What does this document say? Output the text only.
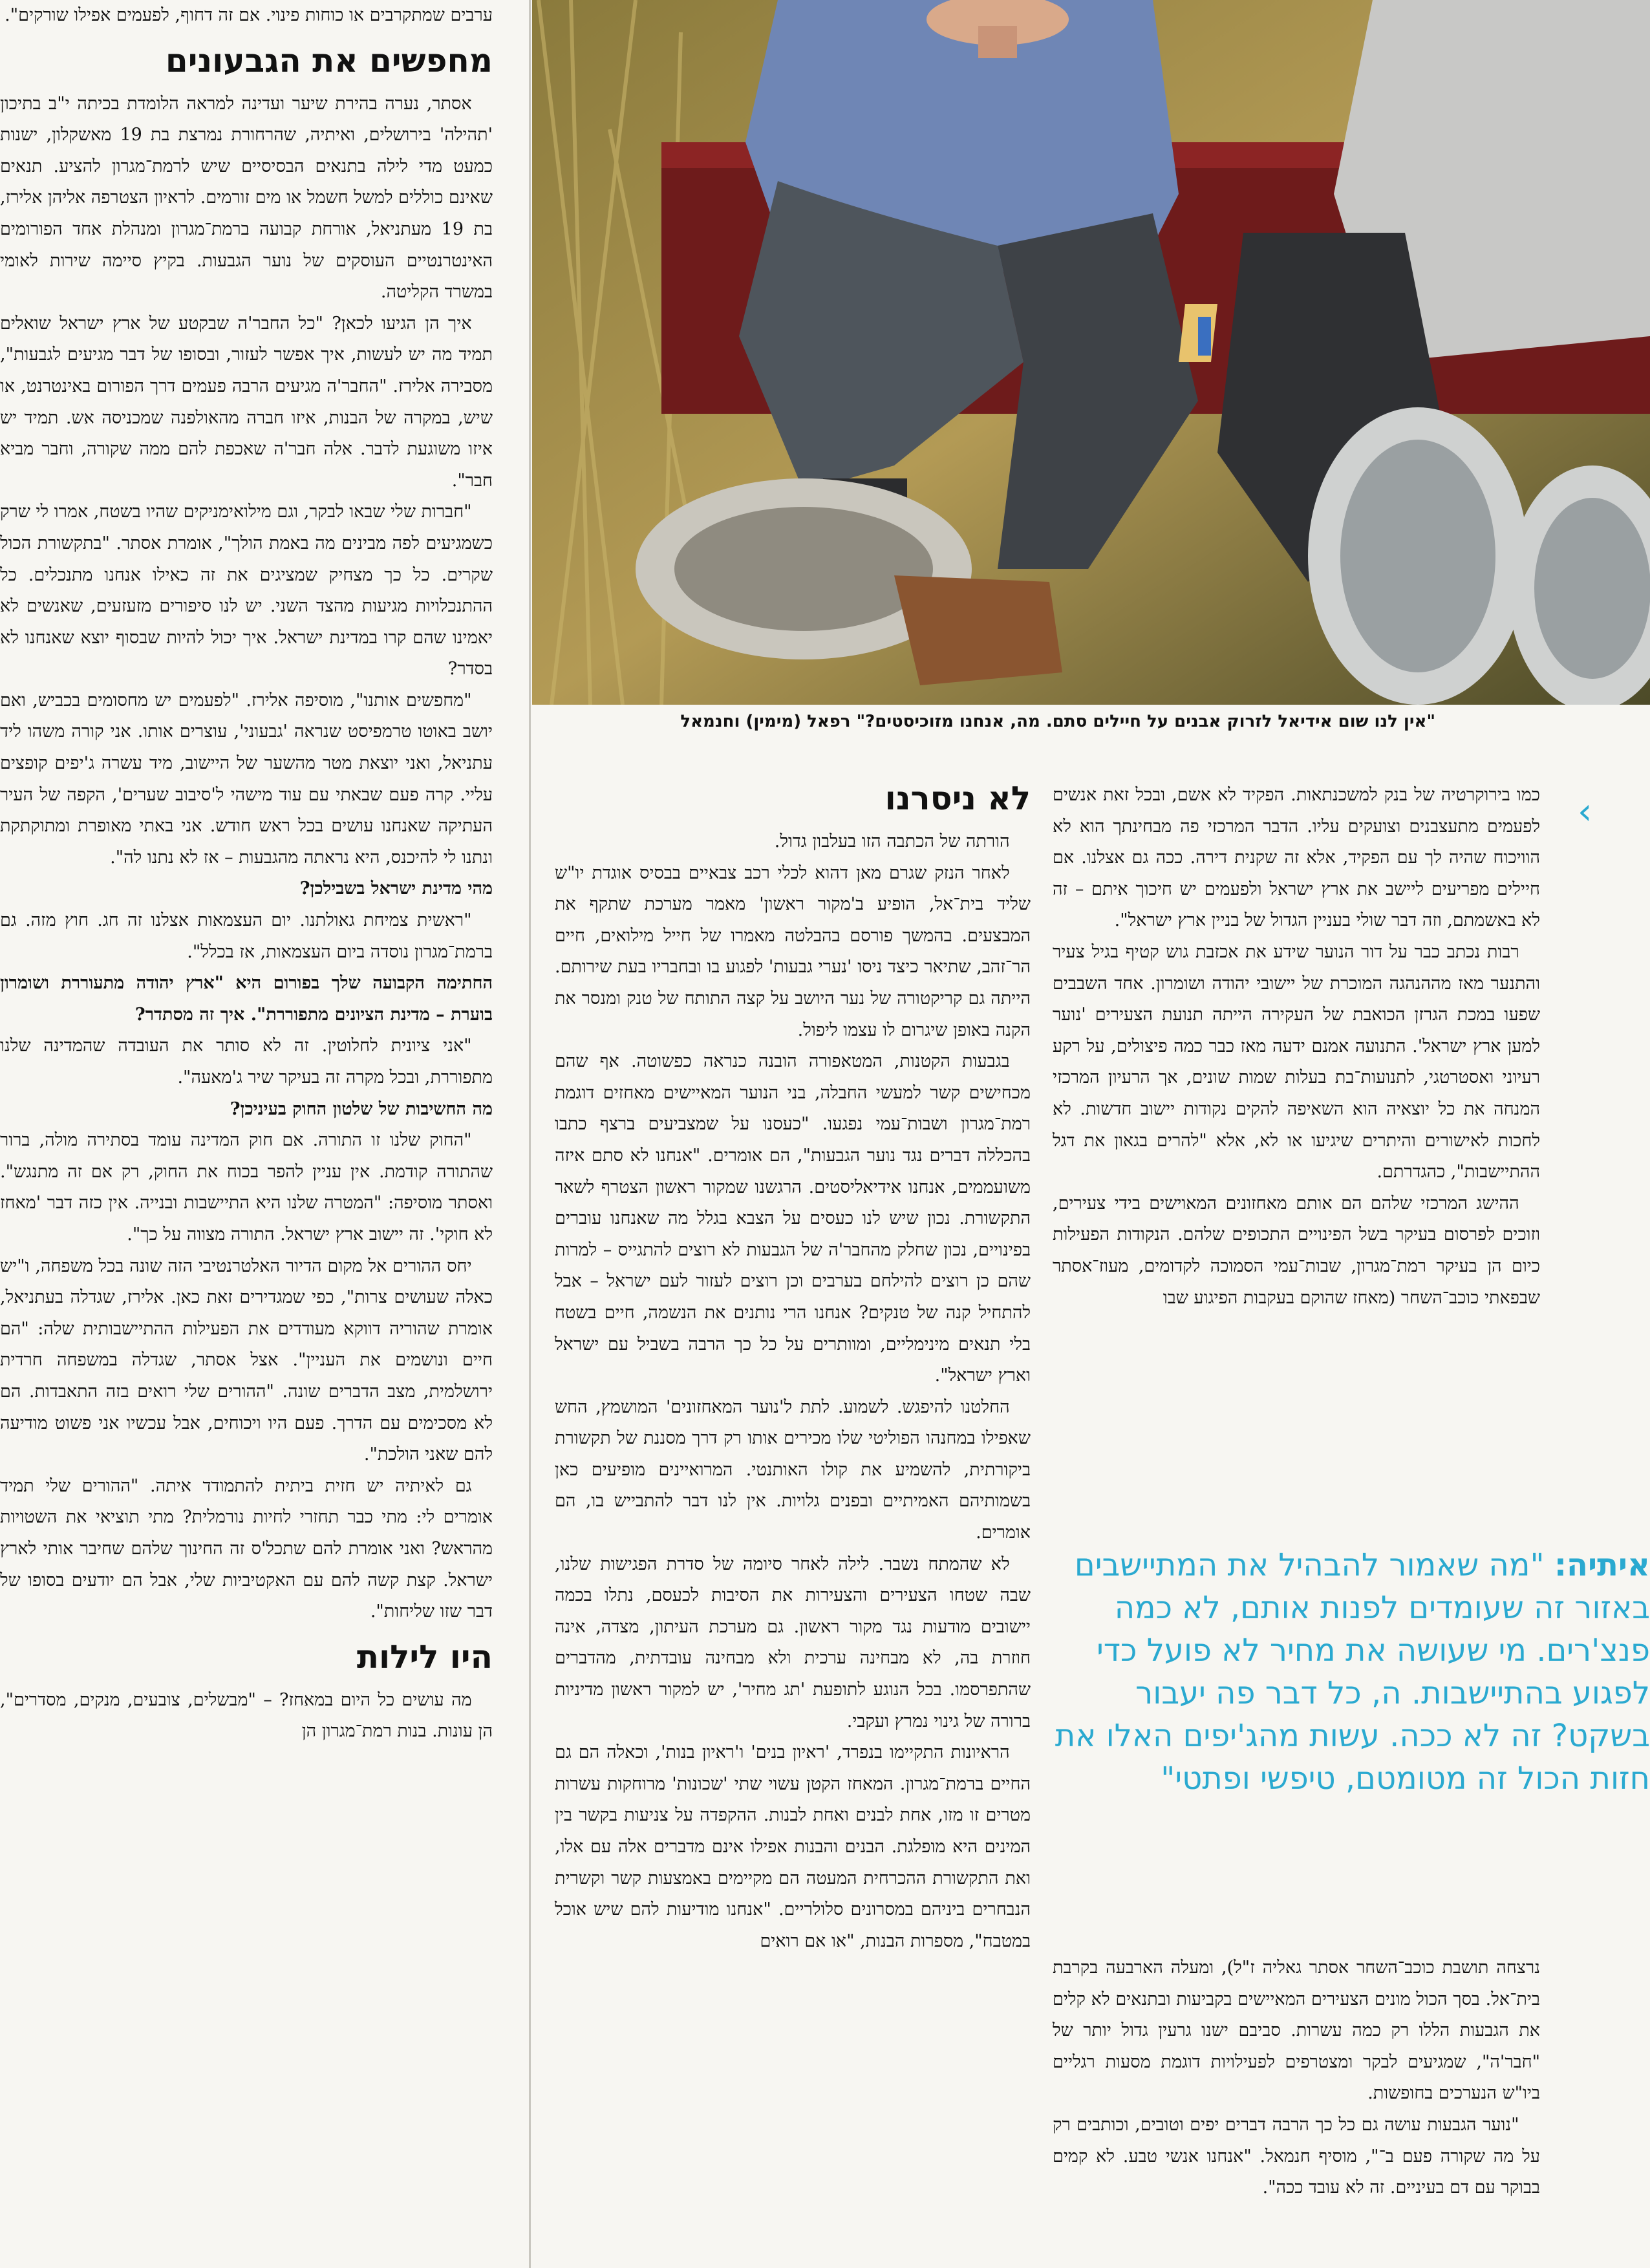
"אין לנו שום אידיאל לזרוק אבנים על חיילים סתם. מה, אנחנו מזוכיסטים?" רפאל (מימין) וחנמאל
‹

ערבים שמתקרבים או כוחות פינוי. אם זה דחוף, לפעמים אפילו שורקים".

מחפשים את הגבעונים

אסתר, נערה בהירת שיער ועדינה למראה הלומדת בכיתה י"ב בתיכון 'תהילה' בירושלים, ואיתיה, שהרחורת נמרצת בת 19 מאשקלון, ישנות כמעט מדי לילה בתנאים הבסיסיים שיש לרמת־מגרון להציע. תנאים שאינם כוללים למשל חשמל או מים זורמים. לראיון הצטרפה אליהן אלירז, בת 19 מעתניאל, אורחת קבועה ברמת־מגרון ומנהלת אחד הפורומים האינטרנטיים העוסקים של נוער הגבעות. בקיץ סיימה שירות לאומי במשרד הקליטה.

איך הן הגיעו לכאן? "כל החבר'ה שבקטע של ארץ ישראל שואלים תמיד מה יש לעשות, איך אפשר לעזור, ובסופו של דבר מגיעים לגבעות", מסבירה אלירז. "החבר'ה מגיעים הרבה פעמים דרך הפורום באינטרנט, או שיש, במקרה של הבנות, איזו חברה מהאולפנה שמכניסה אש. תמיד יש איזו משוגעת לדבר. אלה חבר'ה שאכפת להם ממה שקורה, וחבר מביא חבר".

"חברות שלי שבאו לבקר, וגם מילואימניקים שהיו בשטח, אמרו לי שרק כשמגיעים לפה מבינים מה באמת הולך", אומרת אסתר. "בתקשורת הכול שקרים. כל כך מצחיק שמציגים את זה כאילו אנחנו מתנכלים. כל ההתנכלויות מגיעות מהצד השני. יש לנו סיפורים מזעזעים, שאנשים לא יאמינו שהם קרו במדינת ישראל. איך יכול להיות שבסוף יוצא שאנחנו לא בסדר?

"מחפשים אותנו", מוסיפה אלירז. "לפעמים יש מחסומים בכביש, ואם יושב באוטו טרמפיסט שנראה 'גבעוני', עוצרים אותו. אני קורה משהו ליד עתניאל, ואני יוצאת מטר מהשער של היישוב, מיד עשרה ג'יפים קופצים עליי. קרה פעם שבאתי עם עוד מישהי ל'סיבוב שערים', הקפה של העיר העתיקה שאנחנו עושים בכל ראש חודש. אני באתי מאופרת ומתוקתקת ונתנו לי להיכנס, היא נראתה מהגבעות – אז לא נתנו לה".

מהי מדינת ישראל בשבילכן?

"ראשית צמיחת גאולתנו. יום העצמאות אצלנו זה חג. חוץ מזה. גם ברמת־מגרון נוסדה ביום העצמאות, אז בכלל".

החתימה הקבועה שלך בפורום היא "ארץ יהודה מתעוררת ושומרון בוערת – מדינת הציונים מתפוררת". איך זה מסתדר?

"אני ציונית לחלוטין. זה לא סותר את העובדה שהמדינה שלנו מתפוררת, ובכל מקרה זה בעיקר שיר ג'מאעה".

מה החשיבות של שלטון החוק בעיניכן?

"החוק שלנו זו התורה. אם חוק המדינה עומד בסתירה מולה, ברור שהתורה קודמת. אין עניין להפר בכוח את החוק, רק אם זה מתנגש". ואסתר מוסיפה: "המטרה שלנו היא התיישבות ובנייה. אין כזה דבר 'מאחז לא חוקי'. זה יישוב ארץ ישראל. התורה מצווה על כך".

יחס ההורים אל מקום הדיור האלטרנטיבי הזה שונה בכל משפחה, ו"יש כאלה שעושים צרות", כפי שמגדירים זאת כאן. אלירז, שגדלה בעתניאל, אומרת שהוריה דווקא מעודדים את הפעילות ההתיישבותית שלה: "הם חיים ונושמים את העניין". אצל אסתר, שגדלה במשפחה חרדית ירושלמית, מצב הדברים שונה. "ההורים שלי רואים בזה התאבדות. הם לא מסכימים עם הדרך. פעם היו ויכוחים, אבל עכשיו אני פשוט מודיעה להם שאני הולכת".

גם לאיתיה יש חזית ביתית להתמודד איתה. "ההורים שלי תמיד אומרים לי: מתי כבר תחזרי לחיות נורמלית? מתי תוציאי את השטויות מהראש? ואני אומרת להם שתכל'ס זה החינוך שלהם שחיבר אותי לארץ ישראל. קצת קשה להם עם האקטיביות שלי, אבל הם יודעים בסופו של דבר שזו שליחות".

היו לילות

מה עושים כל היום במאחז? – "מבשלים, צובעים, מנקים, מסדרים", הן עונות. בנות רמת־מגרון הן

לא ניסרנו

הורתה של הכתבה הזו בעלבון גדול.

לאחר הנזק שגרם מאן דהוא לכלי רכב צבאיים בבסיס אוגדת יו"ש שליד בית־אל, הופיע ב'מקור ראשון' מאמר מערכת שתקף את המבצעים. בהמשך פורסם בהבלטה מאמרו של חייל מילואים, חיים הר־זהב, שתיאר כיצד ניסו 'נערי גבעות' לפגוע בו ובחבריו בעת שירותם. הייתה גם קריקטורה של נער היושב על קצה התותח של טנק ומנסר את הקנה באופן שיגרום לו עצמו ליפול.

בגבעות הקטנות, המטאפורה הובנה כנראה כפשוטה. אף שהם מכחישים קשר למעשי החבלה, בני הנוער המאיישים מאחזים דוגמת רמת־מגרון ושבות־עמי נפגעו. "כעסנו על שמצביעים ברצף כתבו בהכללה דברים נגד נוער הגבעות", הם אומרים. "אנחנו לא סתם איזה משועממים, אנחנו אידיאליסטים. הרגשנו שמקור ראשון הצטרף לשאר התקשורת. נכון שיש לנו כעסים על הצבא בגלל מה שאנחנו עוברים בפינויים, נכון שחלק מהחבר'ה של הגבעות לא רוצים להתגייס – למרות שהם כן רוצים להילחם בערבים וכן רוצים לעזור לעם ישראל – אבל להתחיל קנה של טנקים? אנחנו הרי נותנים את הנשמה, חיים בשטח בלי תנאים מינימליים, ומוותרים על כל כך הרבה בשביל עם ישראל וארץ ישראל".

החלטנו להיפגש. לשמוע. לתת ל'נוער המאחזונים' המושמץ, החש שאפילו במחנהו הפוליטי שלו מכירים אותו רק דרך מסננת של תקשורת ביקורתית, להשמיע את קולו האותנטי. המרואיינים מופיעים כאן בשמותיהם האמיתיים ובפנים גלויות. אין לנו דבר להתבייש בו, הם אומרים.

לא שהמתח נשבר. לילה לאחר סיומה של סדרת הפגישות שלנו, שבה שטחו הצעירים והצעירות את הסיבות לכעסם, נתלו בכמה יישובים מודעות נגד מקור ראשון. גם מערכת העיתון, מצדה, אינה חוזרת בה, לא מבחינה ערכית ולא מבחינה עובדתית, מהדברים שהתפרסמו. בכל הנוגע לתופעת 'תג מחיר', יש למקור ראשון מדיניות ברורה של גינוי נמרץ ועקבי.

הראיונות התקיימו בנפרד, 'ראיון בנים' ו'ראיון בנות', וכאלה הם גם החיים ברמת־מגרון. המאחז הקטן עשוי שתי 'שכונות' מרוחקות עשרות מטרים זו מזו, אחת לבנים ואחת לבנות. ההקפדה על צניעות בקשר בין המינים היא מופלגת. הבנים והבנות אפילו אינם מדברים אלה עם אלו, ואת התקשורת ההכרחית המעטה הם מקיימים באמצעות קשר וקשרית הנבחרים ביניהם במסרונים סלולריים. "אנחנו מודיעות להם שיש אוכל במטבח", מספרות הבנות, "או אם רואים

כמו בירוקרטיה של בנק למשכנתאות. הפקיד לא אשם, ובכל זאת אנשים לפעמים מתעצבנים וצועקים עליו. הדבר המרכזי פה מבחינתך הוא לא הוויכוח שהיה לך עם הפקיד, אלא זה שקנית דירה. ככה גם אצלנו. אם חיילים מפריעים ליישב את ארץ ישראל ולפעמים יש חיכוך איתם – זה לא באשמתם, וזה דבר שולי בעניין הגדול של בניין ארץ ישראל".

רבות נכתב כבר על דור הנוער שידע את אכזבת גוש קטיף בגיל צעיר והתנער מאז מההנהגה המוכרת של יישובי יהודה ושומרון. אחד השבבים שפעו במכת הגרזן הכואבת של העקירה הייתה תנועת הצעירים 'נוער למען ארץ ישראל'. התנועה אמנם ידעה מאז כבר כמה פיצולים, על רקע רעיוני ואסטרטגי, לתנועות־בת בעלות שמות שונים, אך הרעיון המרכזי המנחה את כל יוצאיה הוא השאיפה להקים נקודות יישוב חדשות. לא לחכות לאישורים והיתרים שיגיעו או לא, אלא "להרים בגאון את דגל ההתיישבות", כהגדרתם.

ההישג המרכזי שלהם הם אותם מאחזונים המאוישים בידי צעירים, וזוכים לפרסום בעיקר בשל הפינויים התכופים שלהם. הנקודות הפעילות כיום הן בעיקר רמת־מגרון, שבות־עמי הסמוכה לקדומים, מעוז־אסתר שבפאתי כוכב־השחר (מאחז שהוקם בעקבות הפיגוע שבו

איתיה: "מה שאמור להבהיל את המתיישבים באזור זה שעומדים לפנות אותם, לא כמה פנצ'רים. מי שעושה את מחיר לא פועל כדי לפגוע בהתיישבות. ה, כל דבר פה יעבור בשקט? זה לא ככה. עשות מהג'יפים האלו את חזות הכול זה מטומטם, טיפשי ופתטי"

נרצחה תושבת כוכב־השחר אסתר גאליה ז"ל), ומעלה הארבעה בקרבת בית־אל. בסך הכול מונים הצעירים המאיישים בקביעות ובתנאים לא קלים את הגבעות הללו רק כמה עשרות. סביבם ישנו גרעין גדול יותר של "חבר'ה", שמגיעים לבקר ומצטרפים לפעילויות דוגמת מסעות רגליים ביו"ש הנערכים בחופשות.

"נוער הגבעות עושה גם כל כך הרבה דברים יפים וטובים, וכותבים רק על מה שקורה פעם ב־", מוסיף חנמאל. "אנחנו אנשי טבע. לא קמים בבוקר עם דם בעיניים. זה לא עובד ככה".
